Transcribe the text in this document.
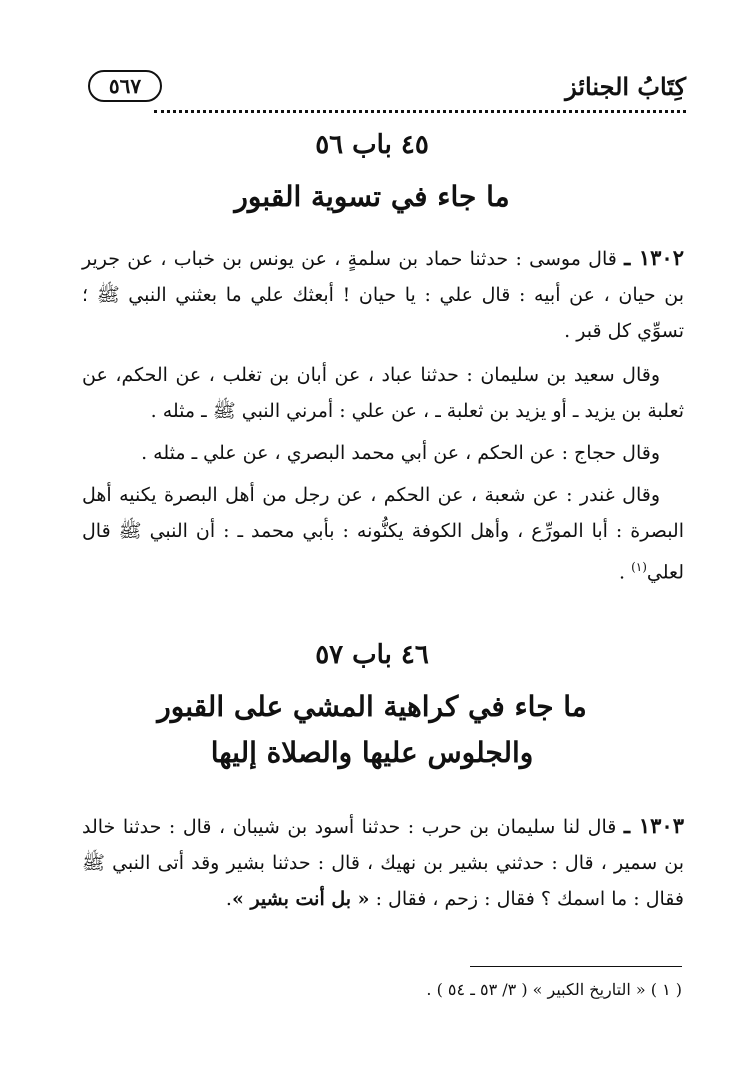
٥٦٧	كِتَابُ الجنائز
٤٥ باب ٥٦
ما جاء في تسوية القبور

١٣٠٢ ـ قال موسى : حدثنا حماد بن سلمةٍ ، عن يونس بن خباب ، عن جرير بن حيان ، عن أبيه : قال علي : يا حيان ! أبعثك علي ما بعثني النبي ﷺ ؛ تسوِّي كل قبر .

وقال سعيد بن سليمان : حدثنا عباد ، عن أبان بن تغلب ، عن الحكم، عن ثعلبة بن يزيد ـ أو يزيد بن ثعلبة ـ ، عن علي : أمرني النبي ﷺ ـ مثله .

وقال حجاج : عن الحكم ، عن أبي محمد البصري ، عن علي ـ مثله .

وقال غندر : عن شعبة ، عن الحكم ، عن رجل من أهل البصرة يكنيه أهل البصرة : أبا المورِّع ، وأهل الكوفة يكنُّونه : بأبي محمد ـ : أن النبي ﷺ قال لعلي$^{(١)}$ .

٤٦ باب ٥٧
ما جاء في كراهية المشي على القبور
والجلوس عليها والصلاة إليها

١٣٠٣ ـ قال لنا سليمان بن حرب : حدثنا أسود بن شيبان ، قال : حدثنا خالد بن سمير ، قال : حدثني بشير بن نهيك ، قال : حدثنا بشير وقد أتى النبي ﷺ فقال : ما اسمك ؟ فقال : زحم ، فقال : « بل أنت بشير ».

( ١ ) « التاريخ الكبير » ( ٣/ ٥٣ ـ ٥٤ ) .
